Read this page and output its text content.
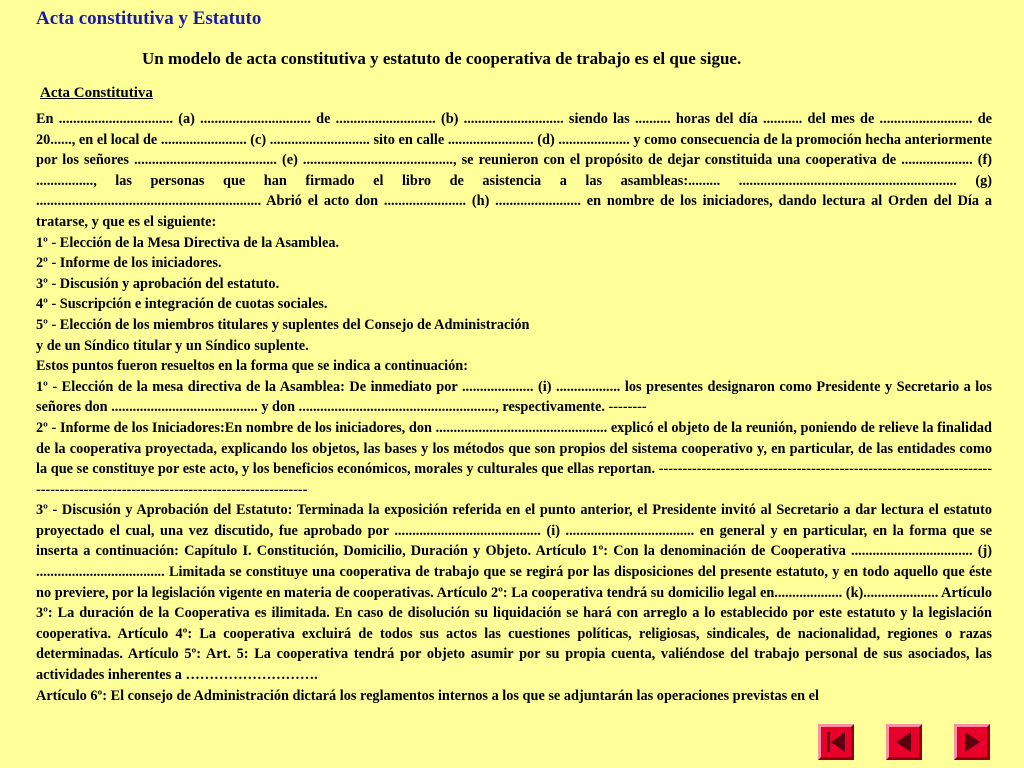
Acta constitutiva y Estatuto
Un modelo de acta constitutiva y estatuto de cooperativa de trabajo es el que sigue.
Acta Constitutiva

En ................................ (a) ............................... de ............................ (b) ............................ siendo las .......... horas del día ........... del mes de .......................... de 20......, en el local de ........................ (c) ............................ sito en calle ........................ (d) .................... y como consecuencia de la promoción hecha anteriormente por los señores ........................................ (e) .........................................., se reunieron con el propósito de dejar constituida una cooperativa de .................... (f) ................, las personas que han firmado el libro de asistencia a las asambleas:......... ............................................................. (g) ............................................................... Abrió el acto don ....................... (h) ........................ en nombre de los iniciadores, dando lectura al Orden del Día a tratarse, y que es el siguiente:

1º - Elección de la Mesa Directiva de la Asamblea.

2º - Informe de los iniciadores.

3º - Discusión y aprobación del estatuto.

4º - Suscripción e integración de cuotas sociales.

5º - Elección de los miembros titulares y suplentes del Consejo de Administración

y de un Síndico titular y un Síndico suplente.

Estos puntos fueron resueltos en la forma que se indica a continuación:

1º - Elección de la mesa directiva de la Asamblea: De inmediato por .................... (i) .................. los presentes designaron como Presidente y Secretario a los señores don ......................................... y don ......................................................., respectivamente. --------

2º - Informe de los Iniciadores:En nombre de los iniciadores, don ................................................ explicó el objeto de la reunión, poniendo de relieve la finalidad de la cooperativa proyectada, explicando los objetos, las bases y los métodos que son propios del sistema cooperativo y, en particular, de las entidades como la que se constituye por este acto, y los beneficios económicos, morales y culturales que ellas reportan. -------------------------------------------------------------------------------------------------------------------------------

3º - Discusión y Aprobación del Estatuto: Terminada la exposición referida en el punto anterior, el Presidente invitó al Secretario a dar lectura el estatuto proyectado el cual, una vez discutido, fue aprobado por ......................................... (i) .................................... en general y en particular, en la forma que se inserta a continuación: Capítulo I. Constitución, Domicilio, Duración y Objeto. Artículo 1º: Con la denominación de Cooperativa .................................. (j) .................................... Limitada se constituye una cooperativa de trabajo que se regirá por las disposiciones del presente estatuto, y en todo aquello que éste no previere, por la legislación vigente en materia de cooperativas. Artículo 2º: La cooperativa tendrá su domicilio legal en................... (k)..................... Artículo 3º: La duración de la Cooperativa es ilimitada. En caso de disolución su liquidación se hará con arreglo a lo establecido por este estatuto y la legislación cooperativa. Artículo 4º: La cooperativa excluirá de todos sus actos las cuestiones políticas, religiosas, sindicales, de nacionalidad, regiones o razas determinadas. Artículo 5º: Art. 5: La cooperativa tendrá por objeto asumir por su propia cuenta, valiéndose del trabajo personal de sus asociados, las actividades inherentes a ……………………….

Artículo 6º: El consejo de Administración dictará los reglamentos internos a los que se adjuntarán las operaciones previstas en el
